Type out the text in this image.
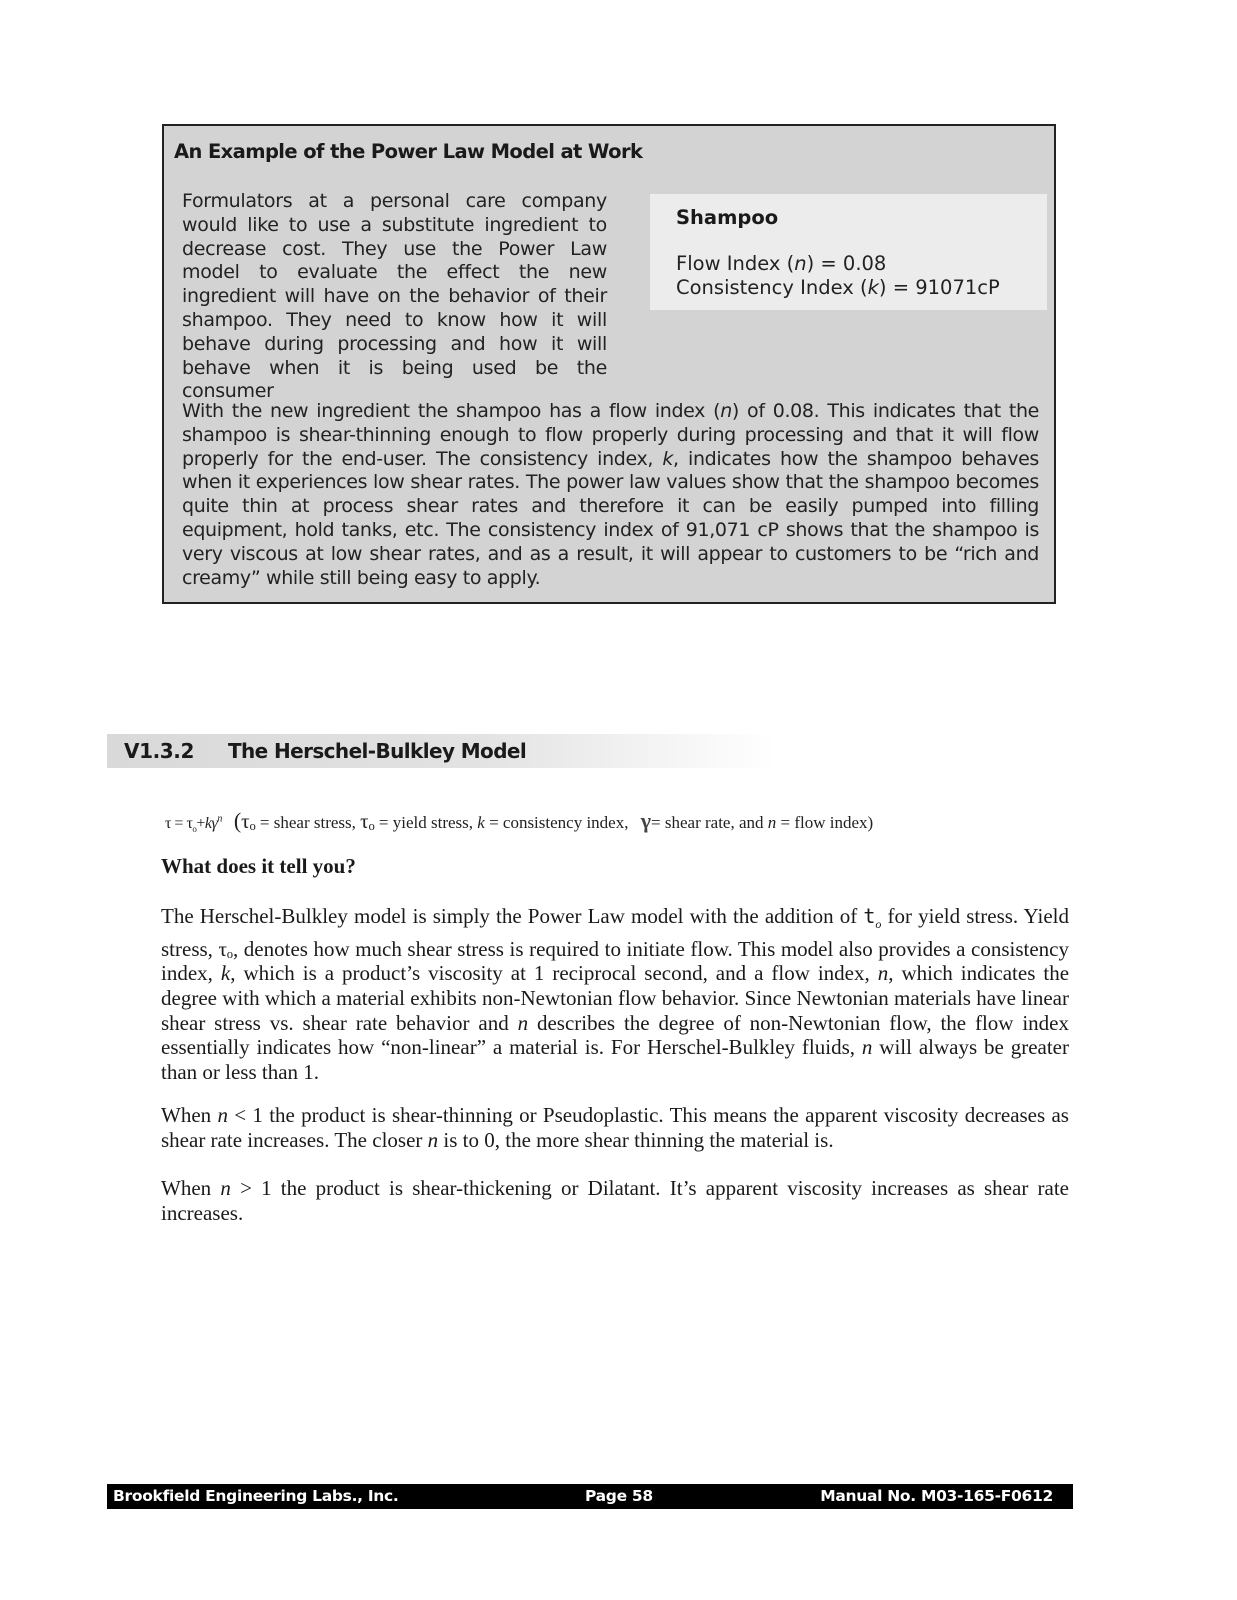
An Example of the Power Law Model at Work

Formulators at a personal care company would like to use a substitute ingredient to decrease cost. They use the Power Law model to evaluate the effect the new ingredient will have on the behavior of their shampoo. They need to know how it will behave during processing and how it will behave when it is being used be the consumer

Shampoo

Flow Index (n) = 0.08

Consistency Index (k) = 91071cP

With the new ingredient the shampoo has a flow index (n) of 0.08. This indicates that the shampoo is shear-thinning enough to flow properly during processing and that it will flow properly for the end-user. The consistency index, k, indicates how the shampoo behaves when it experiences low shear rates. The power law values show that the shampoo becomes quite thin at process shear rates and therefore it can be easily pumped into filling equipment, hold tanks, etc. The consistency index of 91,071 cP shows that the shampoo is very viscous at low shear rates, and as a result, it will appear to customers to be “rich and creamy” while still being easy to apply.

V1.3.2 The Herschel-Bulkley Model

$\tau = \tau_o+k\gamma^n$ (τₒ = shear stress, τₒ = yield stress, k = consistency index, γ= shear rate, and n = flow index)

What does it tell you?

The Herschel-Bulkley model is simply the Power Law model with the addition of $t_o$ for yield stress. Yield stress, τₒ, denotes how much shear stress is required to initiate flow. This model also provides a consistency index, k, which is a product’s viscosity at 1 reciprocal second, and a flow index, n, which indicates the degree with which a material exhibits non-Newtonian flow behavior. Since Newtonian materials have linear shear stress vs. shear rate behavior and n describes the degree of non-Newtonian flow, the flow index essentially indicates how “non-linear” a material is. For Herschel-Bulkley fluids, n will always be greater than or less than 1.

When n < 1 the product is shear-thinning or Pseudoplastic. This means the apparent viscosity decreases as shear rate increases. The closer n is to 0, the more shear thinning the material is.

When n > 1 the product is shear-thickening or Dilatant. It’s apparent viscosity increases as shear rate increases.

Brookfield Engineering Labs., Inc.	Page 58	Manual No. M03-165-F0612
